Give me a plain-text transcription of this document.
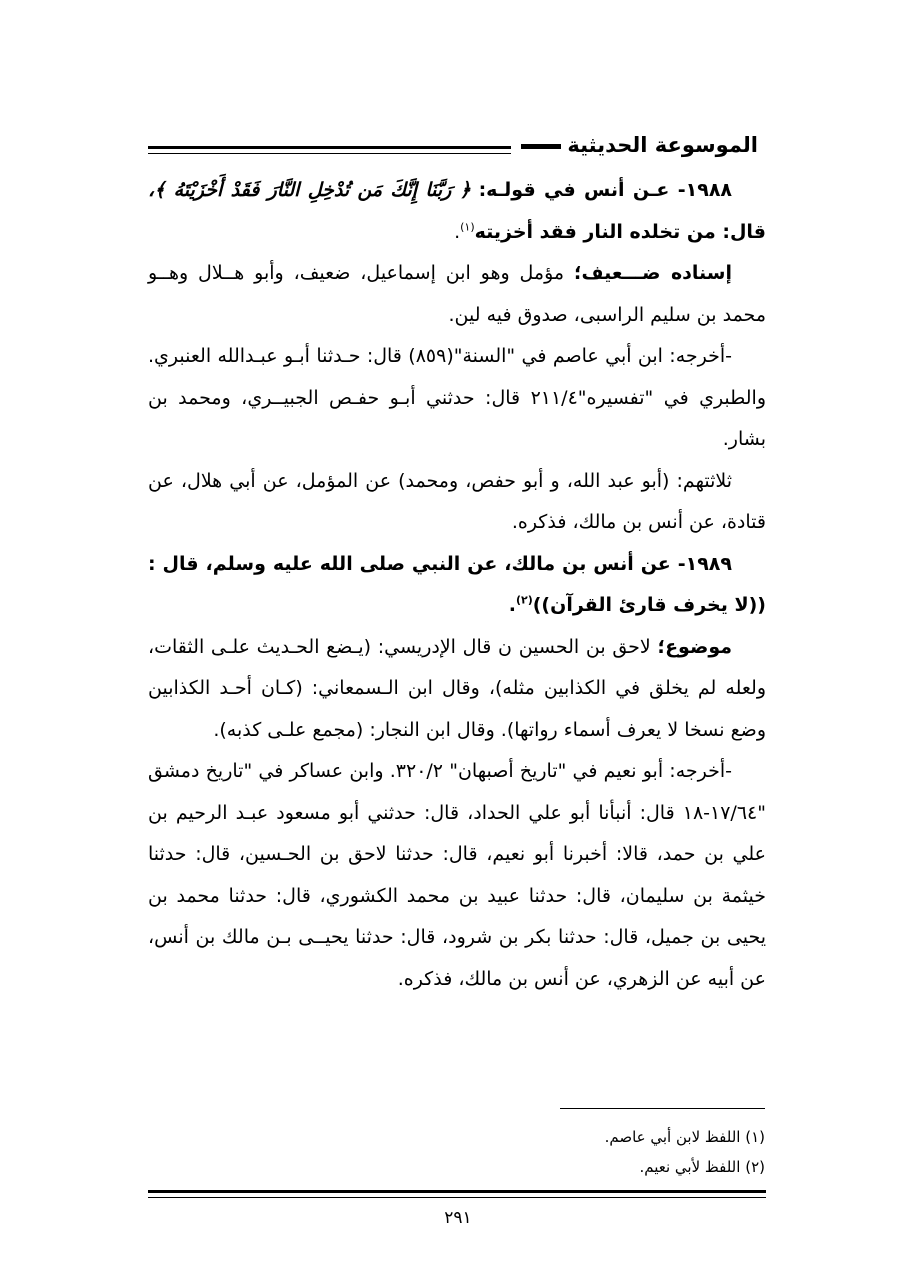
الموسوعة الحديثية

١٩٨٨- عـن أنس في قولـه: ﴿ رَبَّنَا إِنَّكَ مَن تُدْخِلِ النَّارَ فَقَدْ أَخْزَيْتَهُ ﴾، قال: من تخلده النار فقد أخزيته$^{(١)}$.

إسناده ضـــعيف؛ مؤمل وهو ابن إسماعيل، ضعيف، وأبو هــلال وهــو محمد بن سليم الراسبى، صدوق فيه لين.

-أخرجه: ابن أبي عاصم في "السنة"(٨٥٩) قال: حـدثنا أبـو عبـدالله العنبري. والطبري في "تفسيره"٢١١/٤ قال: حدثني أبـو حفـص الجبيــري، ومحمد بن بشار.

ثلاثتهم: (أبو عبد الله، و أبو حفص، ومحمد) عن المؤمل، عن أبي هلال، عن قتادة، عن أنس بن مالك، فذكره.

١٩٨٩- عن أنس بن مالك، عن النبي صلى الله عليه وسلم، قال : ((لا يخرف قارئ القرآن))$^{(٢)}$.

موضوع؛ لاحق بن الحسين ن قال الإدريسي: (يـضع الحـديث علـى الثقات، ولعله لم يخلق في الكذابين مثله)، وقال ابن الـسمعاني: (كـان أحـد الكذابين وضع نسخا لا يعرف أسماء رواتها). وقال ابن النجار: (مجمع علـى كذبه).

-أخرجه: أبو نعيم في "تاريخ أصبهان" ٣٢٠/٢. وابن عساكر في "تاريخ دمشق "١٧/٦٤-١٨ قال: أنبأنا أبو علي الحداد، قال: حدثني أبو مسعود عبـد الرحيم بن علي بن حمد، قالا: أخبرنا أبو نعيم، قال: حدثنا لاحق بن الحـسين، قال: حدثنا خيثمة بن سليمان، قال: حدثنا عبيد بن محمد الكشوري، قال: حدثنا محمد بن يحيى بن جميل، قال: حدثنا بكر بن شرود، قال: حدثنا يحيــى بـن مالك بن أنس، عن أبيه عن الزهري، عن أنس بن مالك، فذكره.

(١) اللفظ لابن أبي عاصم.

(٢) اللفظ لأبي نعيم.

٢٩١
